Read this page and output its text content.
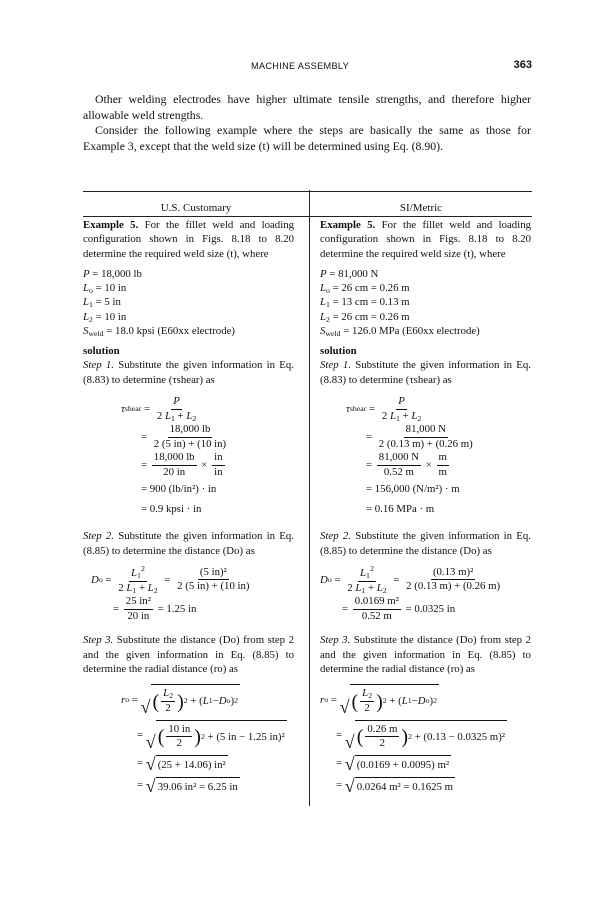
MACHINE ASSEMBLY	363

Other welding electrodes have higher ultimate tensile strengths, and therefore higher allowable weld strengths.

Consider the following example where the steps are basically the same as those for Example 3, except that the weld size (t) will be determined using Eq. (8.90).

U.S. Customary	SI/Metric

Example 5. For the fillet weld and loading configuration shown in Figs. 8.18 to 8.20 determine the required weld size (t), where

P = 18,000 lb
$L_o = 10$ in
$L_1 = 5$ in
$L_2 = 10$ in
$S_{weld} = 18.0$ kpsi (E60xx electrode)

solution

Step 1. Substitute the given information in Eq. (8.83) to determine (τshear) as

τ shear = $\frac{P}{2 L_1 + L_2}$
= $\frac{18,000 lb}{2 (5 in) + (10 in)}$
= $\frac{18,000 lb}{20 in} \times \frac{in}{in}$
= 900 (lb/in²) · in
= 0.9 kpsi · in

Step 2. Substitute the given information in Eq. (8.85) to determine the distance (Do) as

D $o = \frac{L_1^2}{2 L_1 + L_2} = \frac{\text{(5 in)²}}{2 (5 in) + (10 in)}$
= $\frac{\text{25 in²}}{20 in}$
= 1.25 in

Step 3. Substitute the distance (Do) from step 2 and the given information in Eq. (8.85) to determine the radial distance (ro) as

r o = √ ( $\frac{L_2}{2}$ ) 2 + ( L 1 − D o ) 2
= √ ( $\frac{10 in}{2}$ ) 2
+ (5 in − 1.25 in)²
= √ (25 + 14.06) in²
= √ 39.06 in² = 6.25 in

Example 5. For the fillet weld and loading configuration shown in Figs. 8.18 to 8.20 determine the required weld size (t), where

P = 81,000 N
$L_o = 26$ cm = 0.26 m
$L_1 = 13$ cm = 0.13 m
$L_2 = 26$ cm = 0.26 m
$S_{weld} = 126.0$ MPa (E60xx electrode)

solution

Step 1. Substitute the given information in Eq. (8.83) to determine (τshear) as

τ shear = $\frac{P}{2 L_1 + L_2}$
= $\frac{81,000 N}{2 (0.13 m) + (0.26 m)}$
= $\frac{81,000 N}{0.52 m} \times \frac{m}{m}$
= 156,000 (N/m²) · m
= 0.16 MPa · m

Step 2. Substitute the given information in Eq. (8.85) to determine the distance (Do) as

D $o = \frac{L_1^2}{2 L_1 + L_2} = \frac{\text{(0.13 m)²}}{2 (0.13 m) + (0.26 m)}$
= $\frac{\text{0.0169 m²}}{0.52 m}$
= 0.0325 in

Step 3. Substitute the distance (Do) from step 2 and the given information in Eq. (8.85) to determine the radial distance (ro) as

r o = √ ( $\frac{L_2}{2}$ ) 2 + ( L 1 − D o ) 2
= √ ( $\frac{0.26 m}{2}$ ) 2
+ (0.13 − 0.0325 m)²
= √ (0.0169 + 0.0095) m²
= √ 0.0264 m² = 0.1625 m
